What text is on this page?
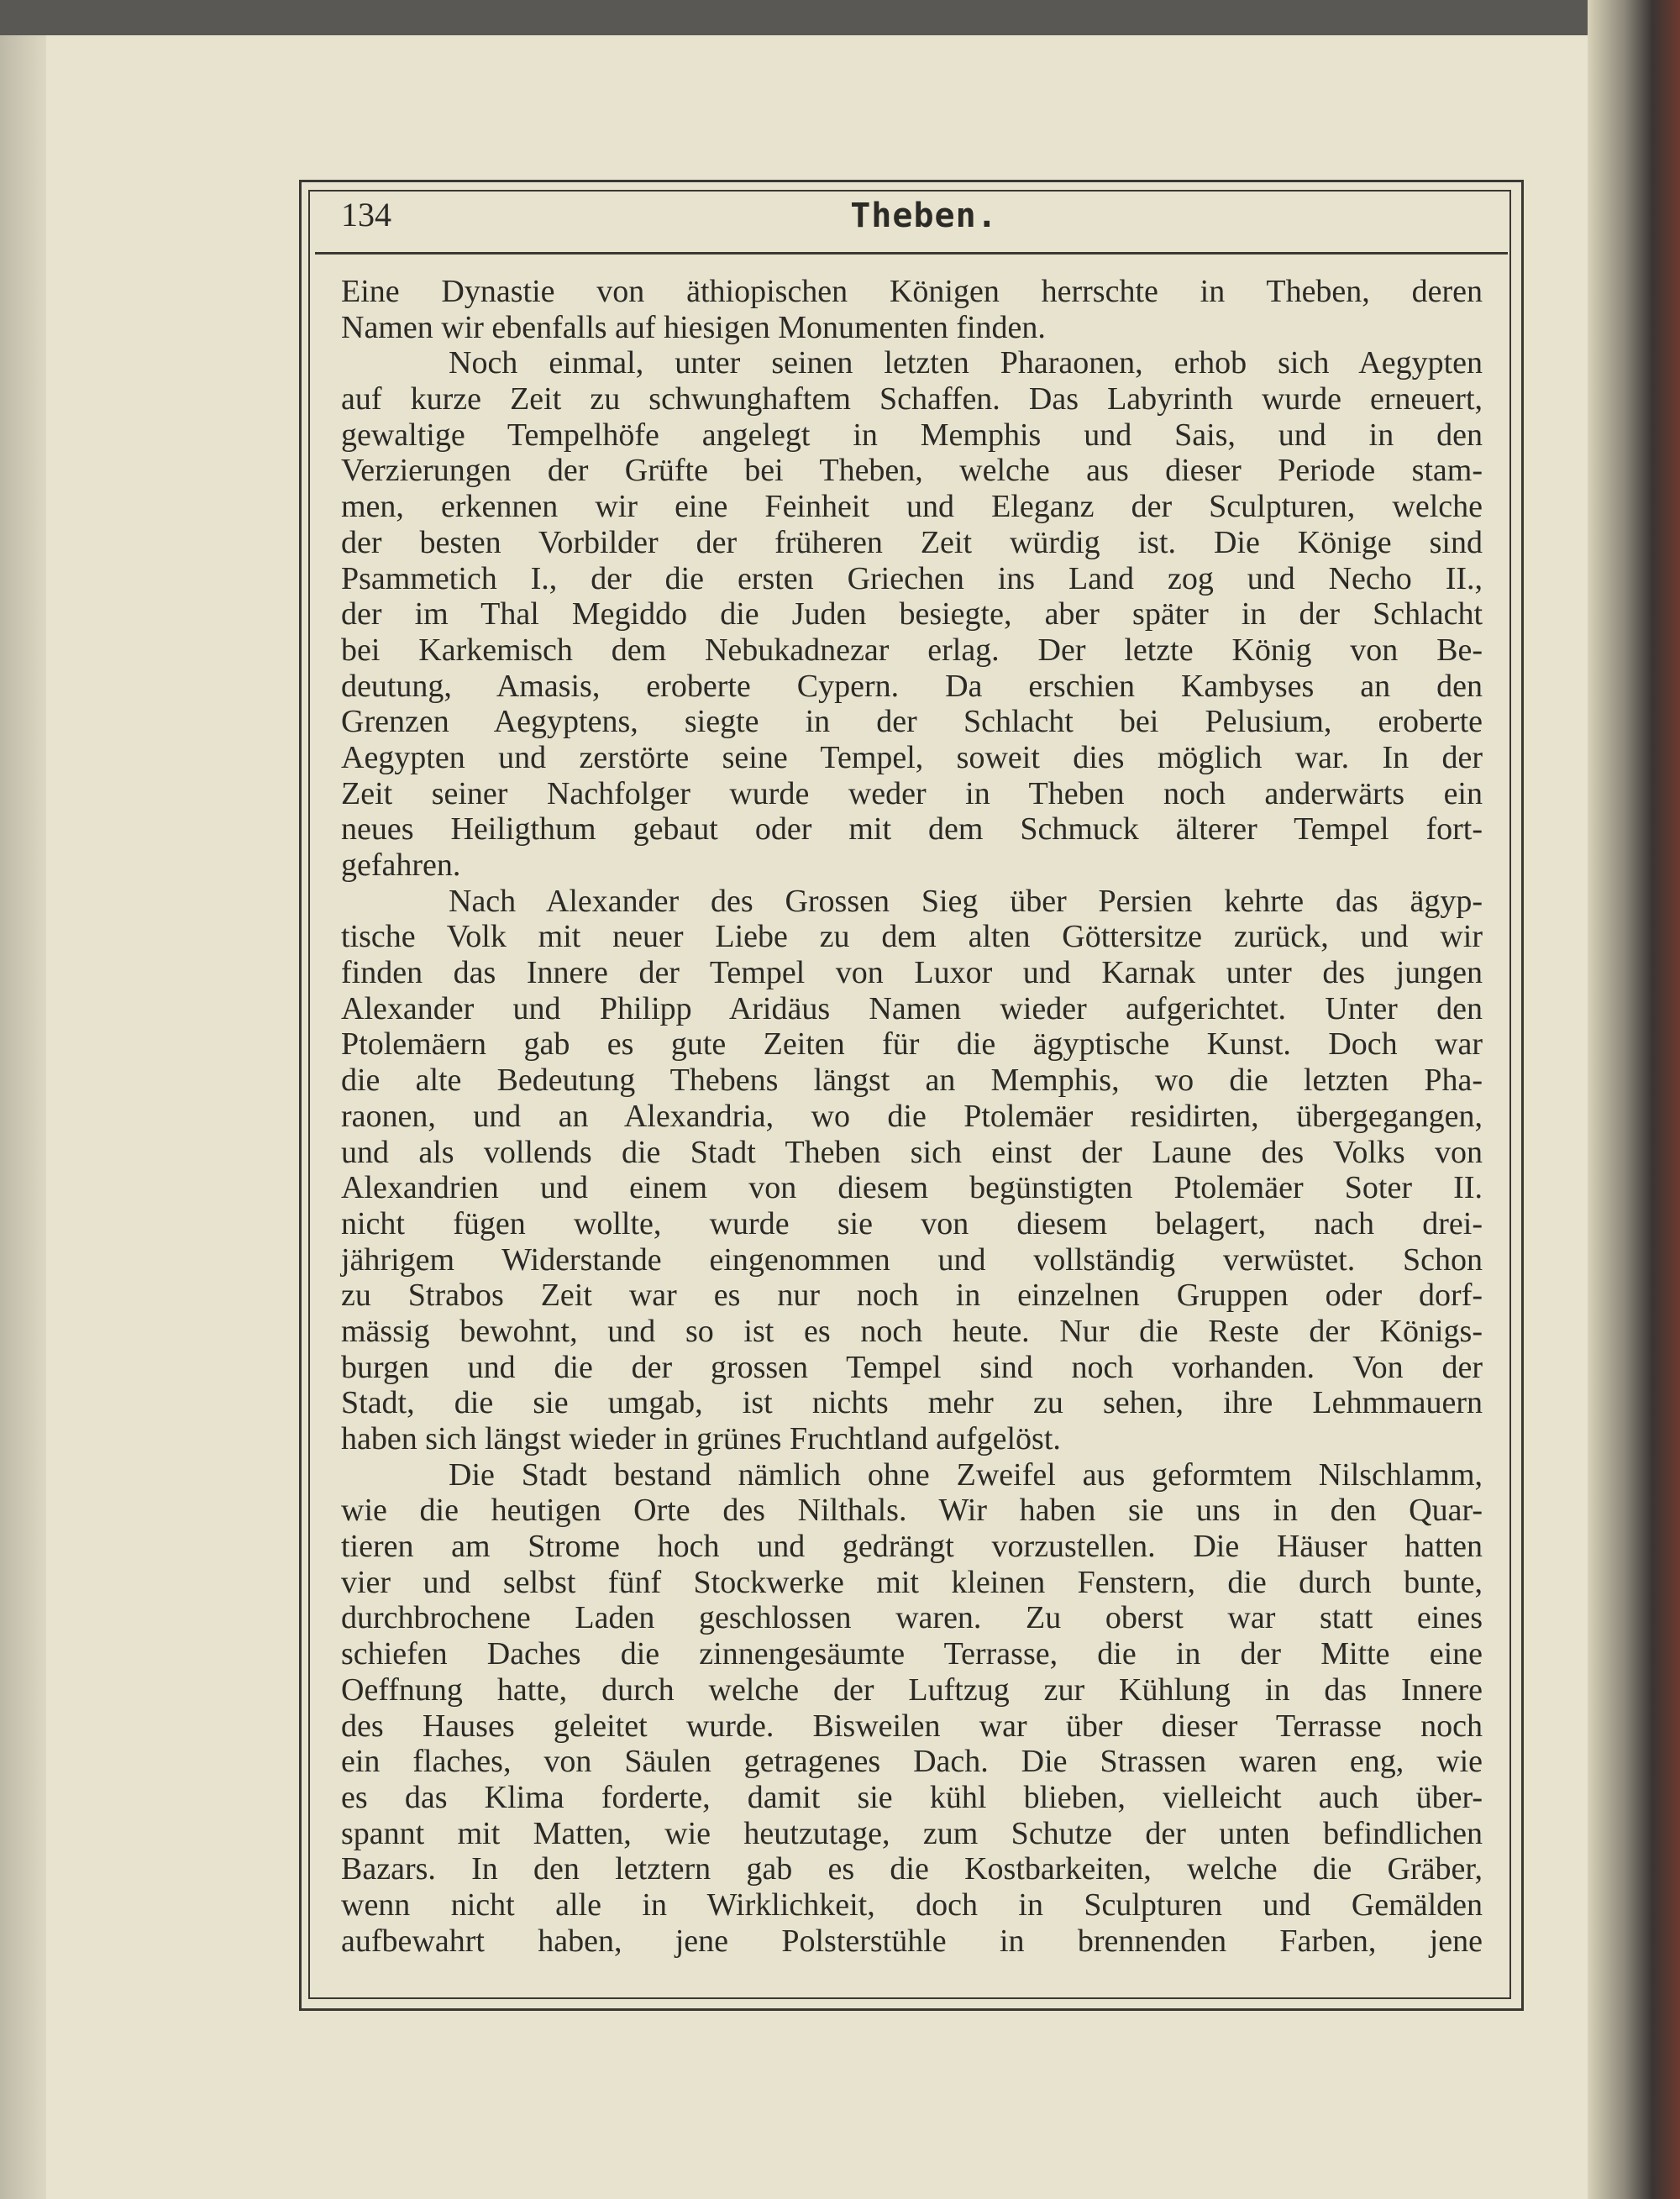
134	Theben.
Eine Dynastie von äthiopischen Königen herrschte in Theben, deren
Namen wir ebenfalls auf hiesigen Monumenten finden.
Noch einmal, unter seinen letzten Pharaonen, erhob sich Aegypten
auf kurze Zeit zu schwunghaftem Schaffen. Das Labyrinth wurde erneuert,
gewaltige Tempelhöfe angelegt in Memphis und Sais, und in den
Verzierungen der Grüfte bei Theben, welche aus dieser Periode stam-
men, erkennen wir eine Feinheit und Eleganz der Sculpturen, welche
der besten Vorbilder der früheren Zeit würdig ist. Die Könige sind
Psammetich I., der die ersten Griechen ins Land zog und Necho II.,
der im Thal Megiddo die Juden besiegte, aber später in der Schlacht
bei Karkemisch dem Nebukadnezar erlag. Der letzte König von Be-
deutung, Amasis, eroberte Cypern. Da erschien Kambyses an den
Grenzen Aegyptens, siegte in der Schlacht bei Pelusium, eroberte
Aegypten und zerstörte seine Tempel, soweit dies möglich war. In der
Zeit seiner Nachfolger wurde weder in Theben noch anderwärts ein
neues Heiligthum gebaut oder mit dem Schmuck älterer Tempel fort-
gefahren.
Nach Alexander des Grossen Sieg über Persien kehrte das ägyp-
tische Volk mit neuer Liebe zu dem alten Göttersitze zurück, und wir
finden das Innere der Tempel von Luxor und Karnak unter des jungen
Alexander und Philipp Aridäus Namen wieder aufgerichtet. Unter den
Ptolemäern gab es gute Zeiten für die ägyptische Kunst. Doch war
die alte Bedeutung Thebens längst an Memphis, wo die letzten Pha-
raonen, und an Alexandria, wo die Ptolemäer residirten, übergegangen,
und als vollends die Stadt Theben sich einst der Laune des Volks von
Alexandrien und einem von diesem begünstigten Ptolemäer Soter II.
nicht fügen wollte, wurde sie von diesem belagert, nach drei-
jährigem Widerstande eingenommen und vollständig verwüstet. Schon
zu Strabos Zeit war es nur noch in einzelnen Gruppen oder dorf-
mässig bewohnt, und so ist es noch heute. Nur die Reste der Königs-
burgen und die der grossen Tempel sind noch vorhanden. Von der
Stadt, die sie umgab, ist nichts mehr zu sehen, ihre Lehmmauern
haben sich längst wieder in grünes Fruchtland aufgelöst.
Die Stadt bestand nämlich ohne Zweifel aus geformtem Nilschlamm,
wie die heutigen Orte des Nilthals. Wir haben sie uns in den Quar-
tieren am Strome hoch und gedrängt vorzustellen. Die Häuser hatten
vier und selbst fünf Stockwerke mit kleinen Fenstern, die durch bunte,
durchbrochene Laden geschlossen waren. Zu oberst war statt eines
schiefen Daches die zinnengesäumte Terrasse, die in der Mitte eine
Oeffnung hatte, durch welche der Luftzug zur Kühlung in das Innere
des Hauses geleitet wurde. Bisweilen war über dieser Terrasse noch
ein flaches, von Säulen getragenes Dach. Die Strassen waren eng, wie
es das Klima forderte, damit sie kühl blieben, vielleicht auch über-
spannt mit Matten, wie heutzutage, zum Schutze der unten befindlichen
Bazars. In den letztern gab es die Kostbarkeiten, welche die Gräber,
wenn nicht alle in Wirklichkeit, doch in Sculpturen und Gemälden
aufbewahrt haben, jene Polsterstühle in brennenden Farben, jene
